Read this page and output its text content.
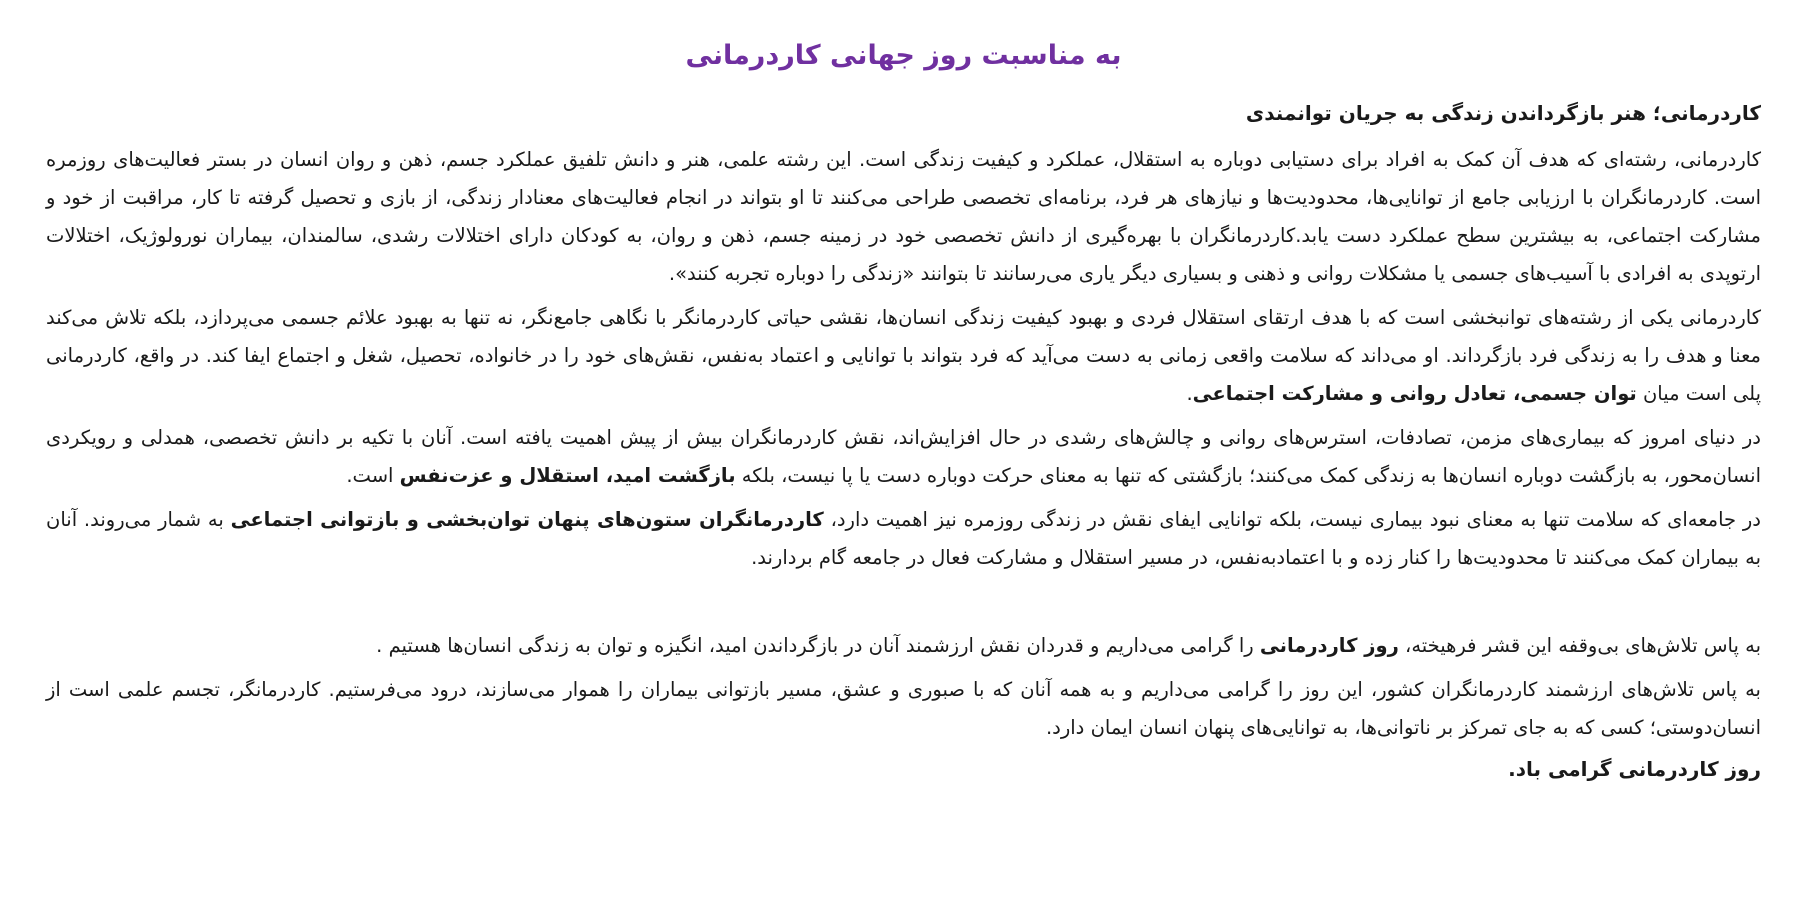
به مناسبت روز جهانی کاردرمانی
کاردرمانی؛ هنر بازگرداندن زندگی به جریان توانمندی

کاردرمانی، رشته‌ای که هدف آن کمک به افراد برای دستیابی دوباره به استقلال، عملکرد و کیفیت زندگی است. این رشته علمی، هنر و دانش تلفیق عملکرد جسم، ذهن و روان انسان در بستر فعالیت‌های روزمره است. کاردرمانگران با ارزیابی جامع از توانایی‌ها، محدودیت‌ها و نیازهای هر فرد، برنامه‌ای تخصصی طراحی می‌کنند تا او بتواند در انجام فعالیت‌های معنادار زندگی، از بازی و تحصیل گرفته تا کار، مراقبت از خود و مشارکت اجتماعی، به بیشترین سطح عملکرد دست یابد.کاردرمانگران با بهره‌گیری از دانش تخصصی خود در زمینه جسم، ذهن و روان، به کودکان دارای اختلالات رشدی، سالمندان، بیماران نورولوژیک، اختلالات ارتوپدی به افرادی با آسیب‌های جسمی یا مشکلات روانی و ذهنی و بسیاری دیگر یاری می‌رسانند تا بتوانند «زندگی را دوباره تجربه کنند».

کاردرمانی یکی از رشته‌های توانبخشی است که با هدف ارتقای استقلال فردی و بهبود کیفیت زندگی انسان‌ها، نقشی حیاتی کاردرمانگر با نگاهی جامع‌نگر، نه تنها به بهبود علائم جسمی می‌پردازد، بلکه تلاش می‌کند معنا و هدف را به زندگی فرد بازگرداند. او می‌داند که سلامت واقعی زمانی به دست می‌آید که فرد بتواند با توانایی و اعتماد به‌نفس، نقش‌های خود را در خانواده، تحصیل، شغل و اجتماع ایفا کند. در واقع، کاردرمانی پلی است میان توان جسمی، تعادل روانی و مشارکت اجتماعی.

در دنیای امروز که بیماری‌های مزمن، تصادفات، استرس‌های روانی و چالش‌های رشدی در حال افزایش‌اند، نقش کاردرمانگران بیش از پیش اهمیت یافته است. آنان با تکیه بر دانش تخصصی، همدلی و رویکردی انسان‌محور، به بازگشت دوباره انسان‌ها به زندگی کمک می‌کنند؛ بازگشتی که تنها به معنای حرکت دوباره دست یا پا نیست، بلکه بازگشت امید، استقلال و عزت‌نفس است.

در جامعه‌ای که سلامت تنها به معنای نبود بیماری نیست، بلکه توانایی ایفای نقش در زندگی روزمره نیز اهمیت دارد، کاردرمانگران ستون‌های پنهان توان‌بخشی و بازتوانی اجتماعی به شمار می‌روند. آنان به بیماران کمک می‌کنند تا محدودیت‌ها را کنار زده و با اعتمادبه‌نفس، در مسیر استقلال و مشارکت فعال در جامعه گام بردارند.

به پاس تلاش‌های بی‌وقفه این قشر فرهیخته، روز کاردرمانی را گرامی می‌داریم و قدردان نقش ارزشمند آنان در بازگرداندن امید، انگیزه و توان به زندگی انسان‌ها هستیم .

به پاس تلاش‌های ارزشمند کاردرمانگران کشور، این روز را گرامی می‌داریم و به همه آنان که با صبوری و عشق، مسیر بازتوانی بیماران را هموار می‌سازند، درود می‌فرستیم. کاردرمانگر، تجسم علمی است از انسان‌دوستی؛ کسی که به جای تمرکز بر ناتوانی‌ها، به توانایی‌های پنهان انسان ایمان دارد.

روز کاردرمانی گرامی باد.
